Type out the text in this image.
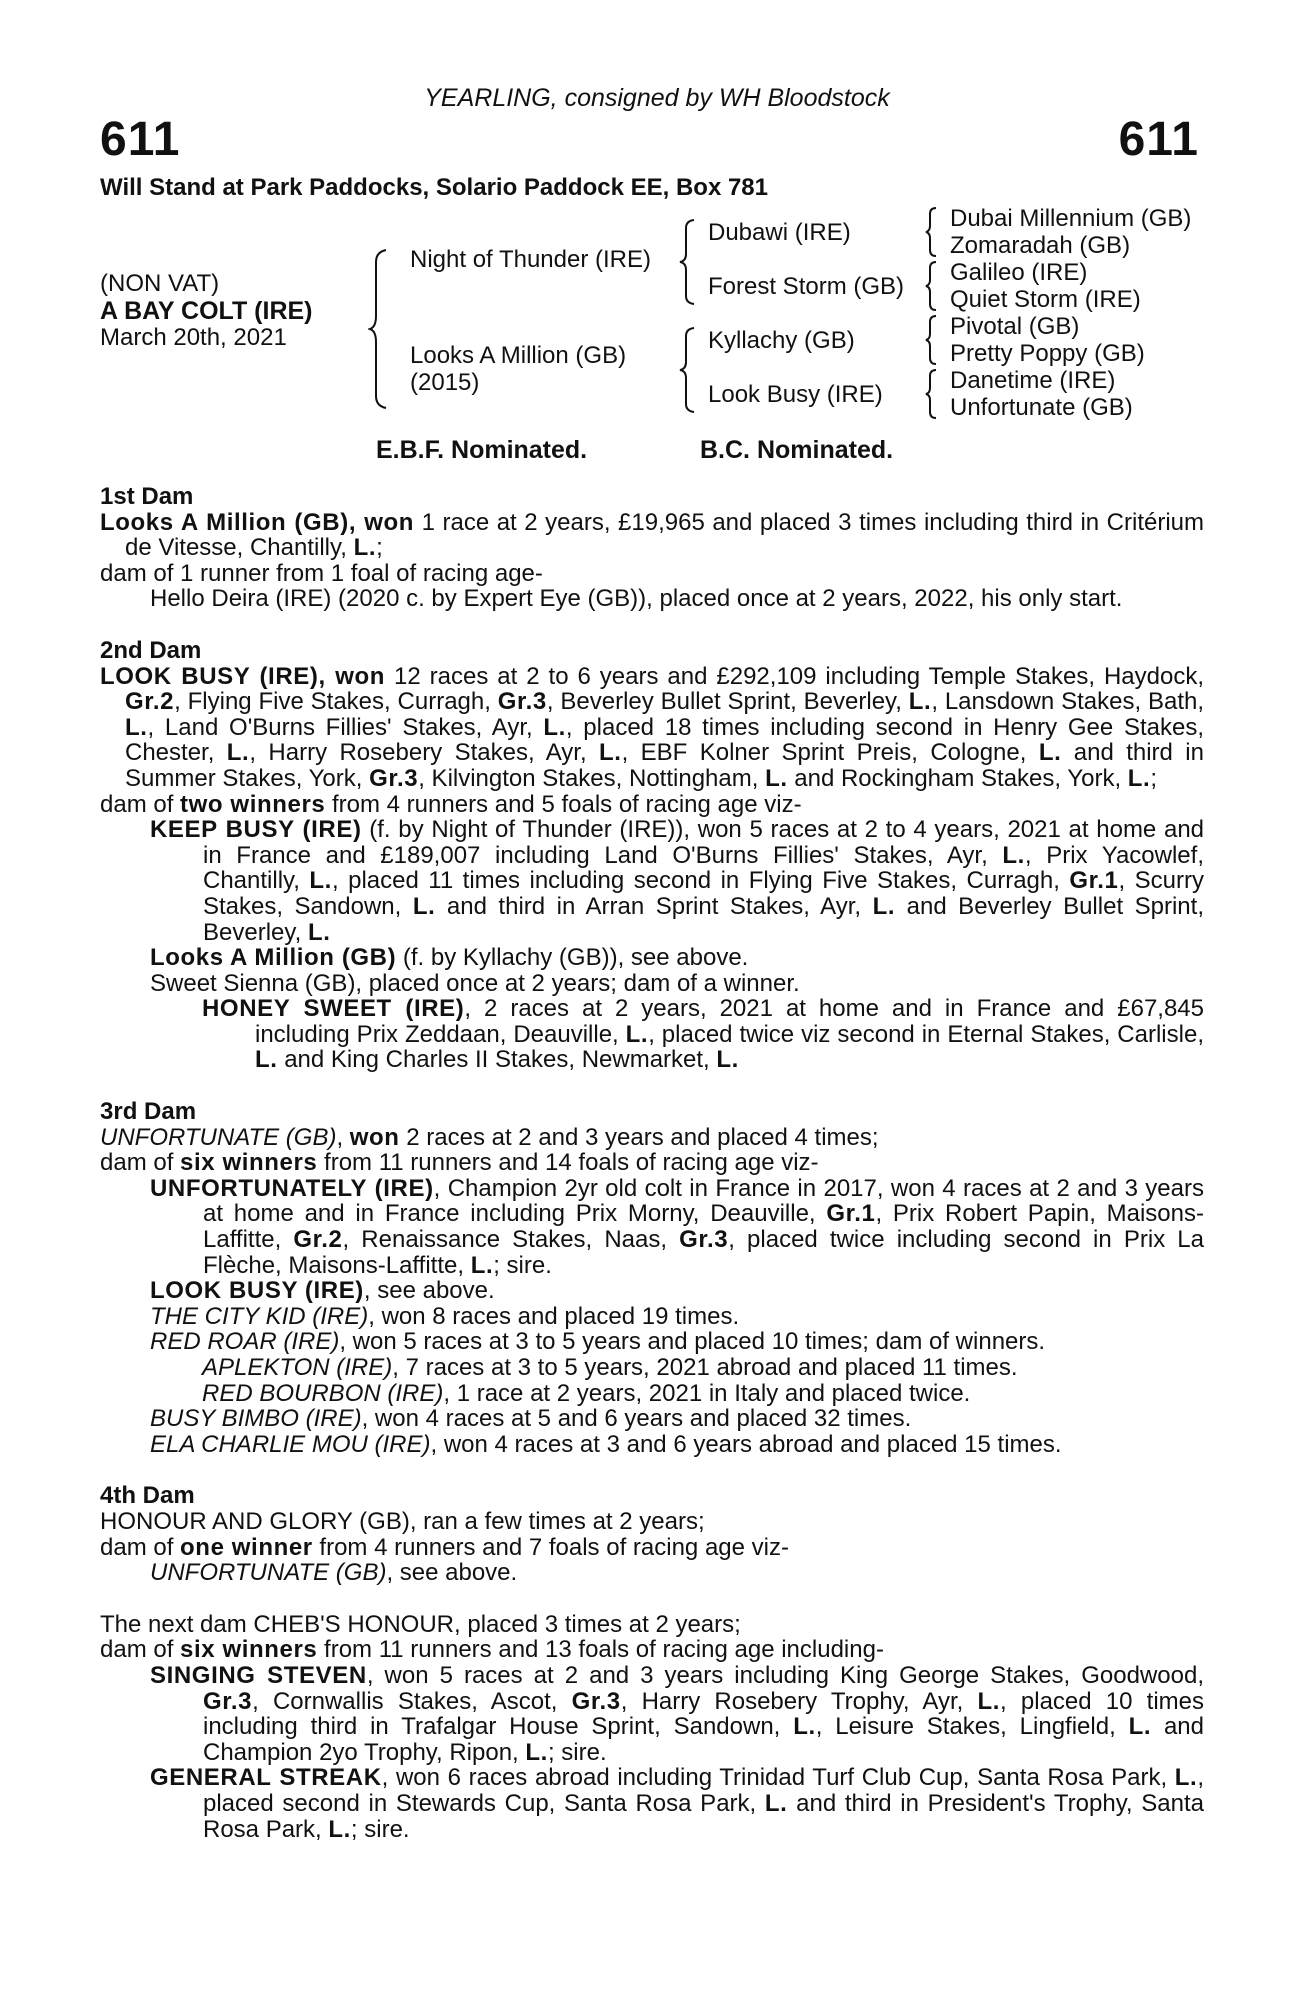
YEARLING, consigned by WH Bloodstock
611	611
Will Stand at Park Paddocks, Solario Paddock EE, Box 781
(NON VAT)
A BAY COLT (IRE)
March 20th, 2021
Night of Thunder (IRE)
Looks A Million (GB)
(2015)
Dubawi (IRE)
Forest Storm (GB)
Kyllachy (GB)
Look Busy (IRE)
Dubai Millennium (GB)
Zomaradah (GB)
Galileo (IRE)
Quiet Storm (IRE)
Pivotal (GB)
Pretty Poppy (GB)
Danetime (IRE)
Unfortunate (GB)
E.B.F. Nominated.	B.C. Nominated.
1st Dam
Looks A Million (GB), won 1 race at 2 years, £19,965 and placed 3 times including third in Critérium de Vitesse, Chantilly, L.;
dam of 1 runner from 1 foal of racing age-
Hello Deira (IRE) (2020 c. by Expert Eye (GB)), placed once at 2 years, 2022, his only start.
2nd Dam
LOOK BUSY (IRE), won 12 races at 2 to 6 years and £292,109 including Temple Stakes, Haydock, Gr.2, Flying Five Stakes, Curragh, Gr.3, Beverley Bullet Sprint, Beverley, L., Lansdown Stakes, Bath, L., Land O'Burns Fillies' Stakes, Ayr, L., placed 18 times including second in Henry Gee Stakes, Chester, L., Harry Rosebery Stakes, Ayr, L., EBF Kolner Sprint Preis, Cologne, L. and third in Summer Stakes, York, Gr.3, Kilvington Stakes, Nottingham, L. and Rockingham Stakes, York, L.;
dam of two winners from 4 runners and 5 foals of racing age viz-
KEEP BUSY (IRE) (f. by Night of Thunder (IRE)), won 5 races at 2 to 4 years, 2021 at home and in France and £189,007 including Land O'Burns Fillies' Stakes, Ayr, L., Prix Yacowlef, Chantilly, L., placed 11 times including second in Flying Five Stakes, Curragh, Gr.1, Scurry Stakes, Sandown, L. and third in Arran Sprint Stakes, Ayr, L. and Beverley Bullet Sprint, Beverley, L.
Looks A Million (GB) (f. by Kyllachy (GB)), see above.
Sweet Sienna (GB), placed once at 2 years; dam of a winner.
HONEY SWEET (IRE), 2 races at 2 years, 2021 at home and in France and £67,845 including Prix Zeddaan, Deauville, L., placed twice viz second in Eternal Stakes, Carlisle, L. and King Charles II Stakes, Newmarket, L.
3rd Dam
UNFORTUNATE (GB), won 2 races at 2 and 3 years and placed 4 times;
dam of six winners from 11 runners and 14 foals of racing age viz-
UNFORTUNATELY (IRE), Champion 2yr old colt in France in 2017, won 4 races at 2 and 3 years at home and in France including Prix Morny, Deauville, Gr.1, Prix Robert Papin, Maisons-Laffitte, Gr.2, Renaissance Stakes, Naas, Gr.3, placed twice including second in Prix La Flèche, Maisons-Laffitte, L.; sire.
LOOK BUSY (IRE), see above.
THE CITY KID (IRE), won 8 races and placed 19 times.
RED ROAR (IRE), won 5 races at 3 to 5 years and placed 10 times; dam of winners.
APLEKTON (IRE), 7 races at 3 to 5 years, 2021 abroad and placed 11 times.
RED BOURBON (IRE), 1 race at 2 years, 2021 in Italy and placed twice.
BUSY BIMBO (IRE), won 4 races at 5 and 6 years and placed 32 times.
ELA CHARLIE MOU (IRE), won 4 races at 3 and 6 years abroad and placed 15 times.
4th Dam
HONOUR AND GLORY (GB), ran a few times at 2 years;
dam of one winner from 4 runners and 7 foals of racing age viz-
UNFORTUNATE (GB), see above.
The next dam CHEB'S HONOUR, placed 3 times at 2 years;
dam of six winners from 11 runners and 13 foals of racing age including-
SINGING STEVEN, won 5 races at 2 and 3 years including King George Stakes, Goodwood, Gr.3, Cornwallis Stakes, Ascot, Gr.3, Harry Rosebery Trophy, Ayr, L., placed 10 times including third in Trafalgar House Sprint, Sandown, L., Leisure Stakes, Lingfield, L. and Champion 2yo Trophy, Ripon, L.; sire.
GENERAL STREAK, won 6 races abroad including Trinidad Turf Club Cup, Santa Rosa Park, L., placed second in Stewards Cup, Santa Rosa Park, L. and third in President's Trophy, Santa Rosa Park, L.; sire.
